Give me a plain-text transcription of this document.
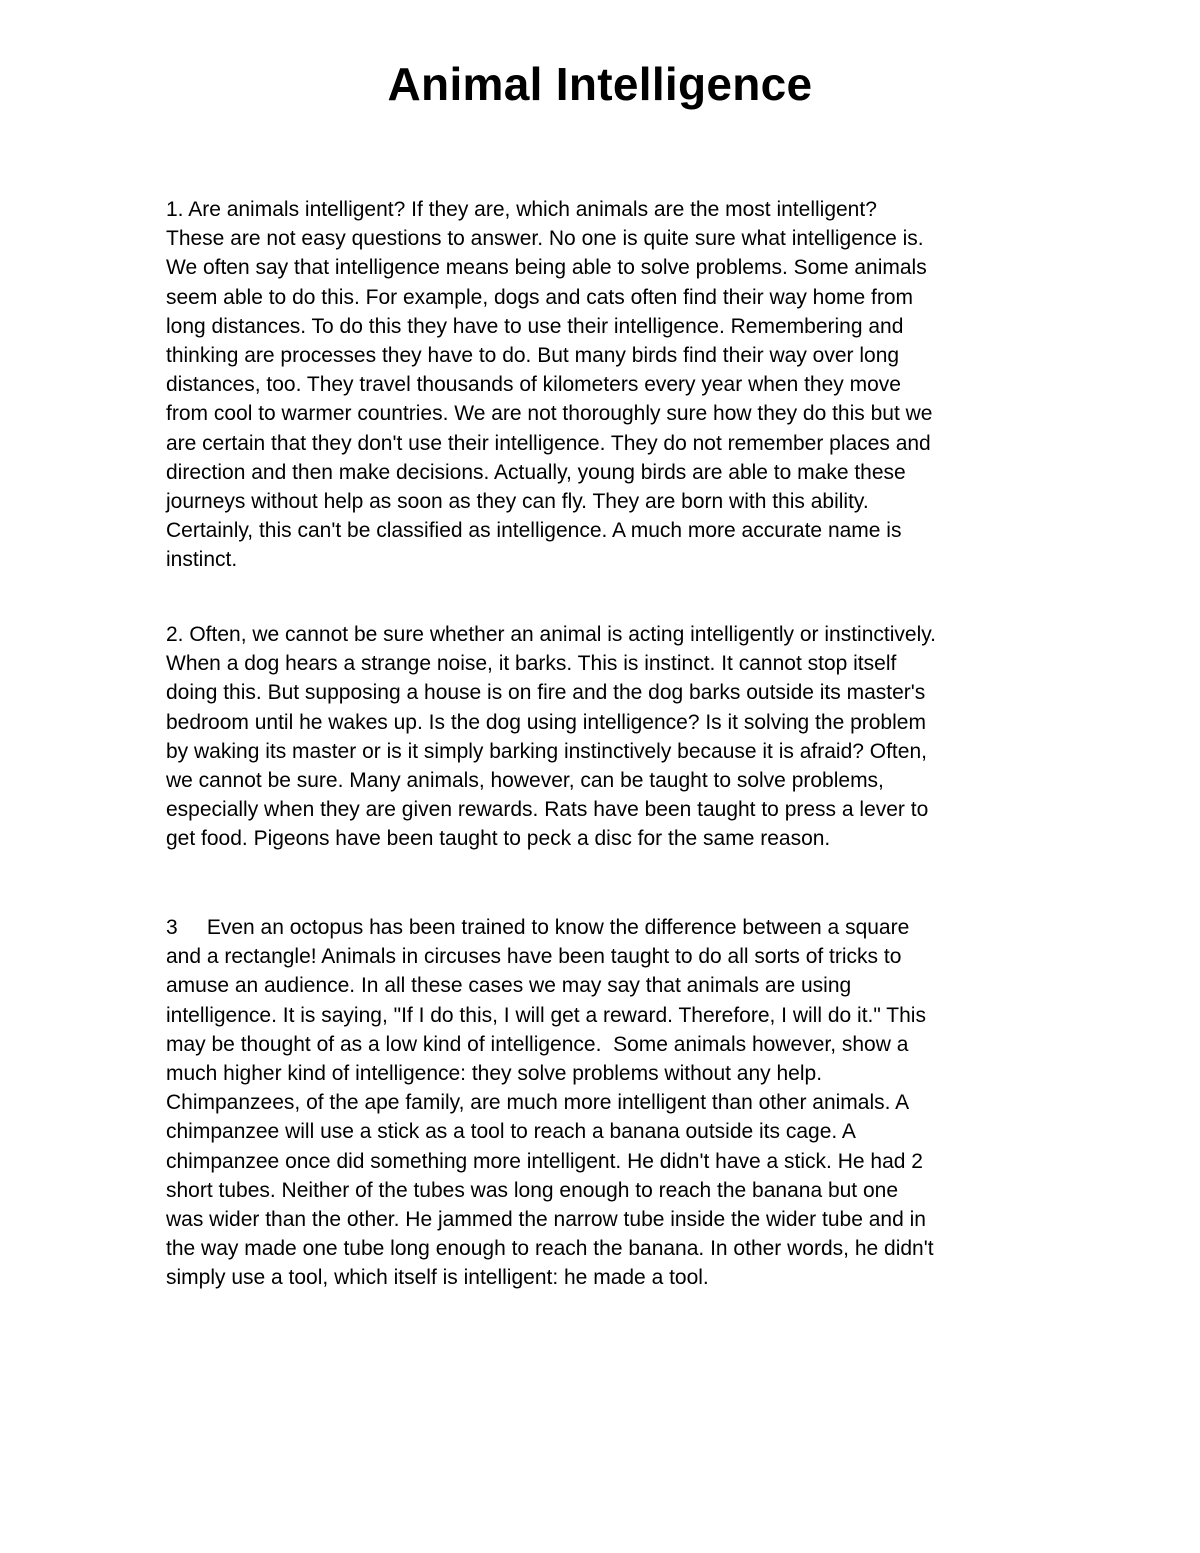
Animal Intelligence

1. Are animals intelligent? If they are, which animals are the most intelligent?
These are not easy questions to answer. No one is quite sure what intelligence is.
We often say that intelligence means being able to solve problems. Some animals
seem able to do this. For example, dogs and cats often find their way home from
long distances. To do this they have to use their intelligence. Remembering and
thinking are processes they have to do. But many birds find their way over long
distances, too. They travel thousands of kilometers every year when they move
from cool to warmer countries. We are not thoroughly sure how they do this but we
are certain that they don't use their intelligence. They do not remember places and
direction and then make decisions. Actually, young birds are able to make these
journeys without help as soon as they can fly. They are born with this ability.
Certainly, this can't be classified as intelligence. A much more accurate name is
instinct.

2. Often, we cannot be sure whether an animal is acting intelligently or instinctively.
When a dog hears a strange noise, it barks. This is instinct. It cannot stop itself
doing this. But supposing a house is on fire and the dog barks outside its master's
bedroom until he wakes up. Is the dog using intelligence? Is it solving the problem
by waking its master or is it simply barking instinctively because it is afraid? Often,
we cannot be sure. Many animals, however, can be taught to solve problems,
especially when they are given rewards. Rats have been taught to press a lever to
get food. Pigeons have been taught to peck a disc for the same reason.

3     Even an octopus has been trained to know the difference between a square
and a rectangle! Animals in circuses have been taught to do all sorts of tricks to
amuse an audience. In all these cases we may say that animals are using
intelligence. It is saying, "If I do this, I will get a reward. Therefore, I will do it." This
may be thought of as a low kind of intelligence.  Some animals however, show a
much higher kind of intelligence: they solve problems without any help.
Chimpanzees, of the ape family, are much more intelligent than other animals. A
chimpanzee will use a stick as a tool to reach a banana outside its cage. A
chimpanzee once did something more intelligent. He didn't have a stick. He had 2
short tubes. Neither of the tubes was long enough to reach the banana but one
was wider than the other. He jammed the narrow tube inside the wider tube and in
the way made one tube long enough to reach the banana. In other words, he didn't
simply use a tool, which itself is intelligent: he made a tool.
